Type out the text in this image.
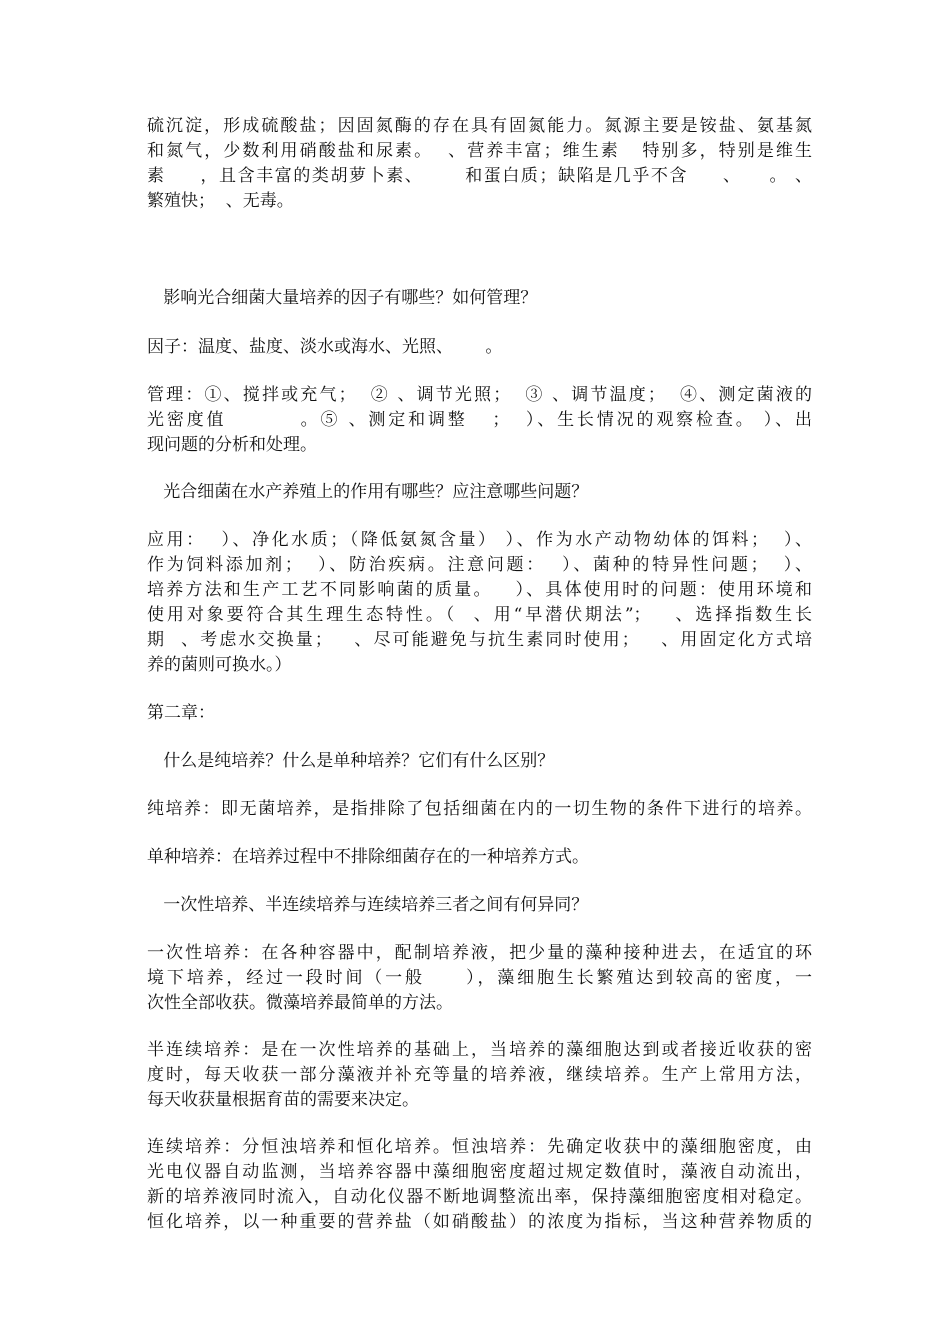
硫沉淀，形成硫酸盐；因固氮酶的存在具有固氮能力。氮源主要是铵盐、氨基氮
和氮气，少数利用硝酸盐和尿素。  、营养丰富；维生素   特别多，特别是维生
素     ，且含丰富的类胡萝卜素、      和蛋白质；缺陷是几乎不含     、    。 、
繁殖快；  、无毒。
影响光合细菌大量培养的因子有哪些？如何管理？
因子：温度、盐度、淡水或海水、光照、      。
管理：①、搅拌或充气；  ② 、调节光照；  ③ 、调节温度；  ④、测定菌液的
光密度值         。⑤ 、测定和调整   ；  ）、生长情况的观察检查。 ）、出
现问题的分析和处理。
光合细菌在水产养殖上的作用有哪些？应注意哪些问题？
应用：  ）、净化水质；（降低氨氮含量） ）、作为水产动物幼体的饵料；  ）、
作为饲料添加剂；  ）、防治疾病。注意问题：  ）、菌种的特异性问题；  ）、
培养方法和生产工艺不同影响菌的质量。   ）、具体使用时的问题：使用环境和
使用对象要符合其生理生态特性。（  、用“早潜伏期法”；   、选择指数生长
期  、考虑水交换量；   、尽可能避免与抗生素同时使用；   、用固定化方式培
养的菌则可换水。）
第二章：
什么是纯培养？什么是单种培养？它们有什么区别？
纯培养：即无菌培养，是指排除了包括细菌在内的一切生物的条件下进行的培养。
单种培养：在培养过程中不排除细菌存在的一种培养方式。
一次性培养、半连续培养与连续培养三者之间有何异同？
一次性培养：在各种容器中，配制培养液，把少量的藻种接种进去，在适宜的环
境下培养，经过一段时间（一般     ），藻细胞生长繁殖达到较高的密度，一
次性全部收获。微藻培养最简单的方法。
半连续培养：是在一次性培养的基础上，当培养的藻细胞达到或者接近收获的密
度时，每天收获一部分藻液并补充等量的培养液，继续培养。生产上常用方法，
每天收获量根据育苗的需要来决定。
连续培养：分恒浊培养和恒化培养。恒浊培养：先确定收获中的藻细胞密度，由
光电仪器自动监测，当培养容器中藻细胞密度超过规定数值时，藻液自动流出，
新的培养液同时流入，自动化仪器不断地调整流出率，保持藻细胞密度相对稳定。
恒化培养，以一种重要的营养盐（如硝酸盐）的浓度为指标，当这种营养物质的
